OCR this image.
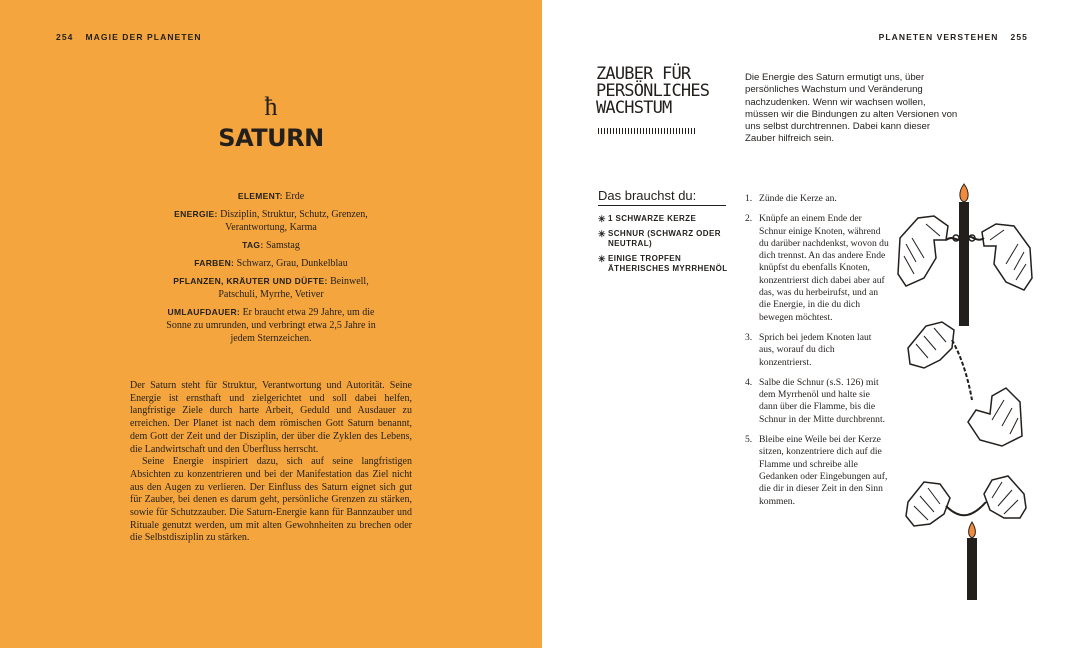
254 MAGIE DER PLANETEN
ħ
SATURN

ELEMENT: Erde

ENERGIE: Disziplin, Struktur, Schutz, Grenzen, Verantwortung, Karma

TAG: Samstag

FARBEN: Schwarz, Grau, Dunkelblau

PFLANZEN, KRÄUTER UND DÜFTE: Beinwell, Patschuli, Myrrhe, Vetiver

UMLAUFDAUER: Er braucht etwa 29 Jahre, um die Sonne zu umrunden, und verbringt etwa 2,5 Jahre in jedem Sternzeichen.

Der Saturn steht für Struktur, Verantwortung und Autorität. Seine Energie ist ernsthaft und zielgerichtet und soll dabei helfen, langfristige Ziele durch harte Arbeit, Geduld und Ausdauer zu erreichen. Der Planet ist nach dem römischen Gott Saturn benannt, dem Gott der Zeit und der Disziplin, der über die Zyklen des Lebens, die Landwirtschaft und den Überfluss herrscht.

Seine Energie inspiriert dazu, sich auf seine langfristigen Absichten zu konzentrieren und bei der Manifestation das Ziel nicht aus den Augen zu verlieren. Der Einfluss des Saturn eignet sich gut für Zauber, bei denen es darum geht, persönliche Grenzen zu stärken, sowie für Schutzzauber. Die Saturn-Energie kann für Bannzauber und Rituale genutzt werden, um mit alten Gewohnheiten zu brechen oder die Selbstdisziplin zu stärken.

PLANETEN VERSTEHEN 255
ZAUBER FÜR PERSÖNLICHES WACHSTUM
Die Energie des Saturn ermutigt uns, über persönliches Wachstum und Veränderung nachzudenken. Wenn wir wachsen wollen, müssen wir die Bindungen zu alten Versionen von uns selbst durchtrennen. Dabei kann dieser Zauber hilfreich sein.
Das brauchst du:
✳ 1 SCHWARZE KERZE
✳ SCHNUR (SCHWARZ ODER NEUTRAL)
✳ EINIGE TROPFEN ÄTHERISCHES MYRRHENÖL
1. Zünde die Kerze an.
2. Knüpfe an einem Ende der Schnur einige Knoten, während du darüber nachdenkst, wovon du dich trennst. An das andere Ende knüpfst du ebenfalls Knoten, konzentrierst dich dabei aber auf das, was du herbeirufst, und an die Energie, in die du dich bewegen möchtest.
3. Sprich bei jedem Knoten laut aus, worauf du dich konzentrierst.
4. Salbe die Schnur (s.S. 126) mit dem Myrrhenöl und halte sie dann über die Flamme, bis die Schnur in der Mitte durchbrennt.
5. Bleibe eine Weile bei der Kerze sitzen, konzentriere dich auf die Flamme und schreibe alle Gedanken oder Eingebungen auf, die dir in dieser Zeit in den Sinn kommen.
